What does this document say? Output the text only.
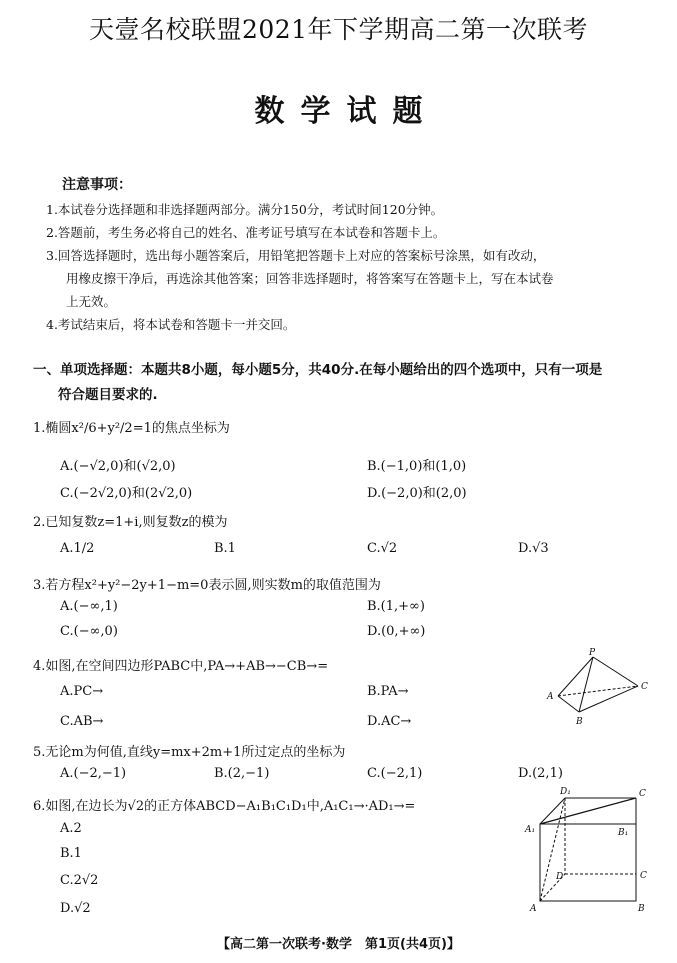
天壹名校联盟2021年下学期高二第一次联考
数学试题
注意事项：
1.本试卷分选择题和非选择题两部分。满分150分，考试时间120分钟。
2.答题前，考生务必将自己的姓名、准考证号填写在本试卷和答题卡上。
3.回答选择题时，选出每小题答案后，用铅笔把答题卡上对应的答案标号涂黑，如有改动，
用橡皮擦干净后，再选涂其他答案；回答非选择题时，将答案写在答题卡上，写在本试卷
上无效。
4.考试结束后，将本试卷和答题卡一并交回。
一、单项选择题：本题共8小题，每小题5分，共40分.在每小题给出的四个选项中，只有一项是
符合题目要求的.
1.椭圆x²/6+y²/2=1的焦点坐标为
A.(−√2,0)和(√2,0)	B.(−1,0)和(1,0)
C.(−2√2,0)和(2√2,0)	D.(−2,0)和(2,0)
2.已知复数z=1+i,则复数z的模为
A.1/2	B.1	C.√2	D.√3
3.若方程x²+y²−2y+1−m=0表示圆,则实数m的取值范围为
A.(−∞,1)	B.(1,+∞)
C.(−∞,0)	D.(0,+∞)
4.如图,在空间四边形PABC中,PA→+AB→−CB→=
A.PC→	B.PA→
C.AB→	D.AC→
5.无论m为何值,直线y=mx+2m+1所过定点的坐标为
A.(−2,−1)	B.(2,−1)	C.(−2,1)	D.(2,1)
6.如图,在边长为√2的正方体ABCD−A₁B₁C₁D₁中,A₁C₁→·AD₁→=
A.2
B.1
C.2√2
D.√2
P
A
B
C
D₁	C
A₁	B₁
D	C
A	B
【高二第一次联考·数学　第1页(共4页)】
